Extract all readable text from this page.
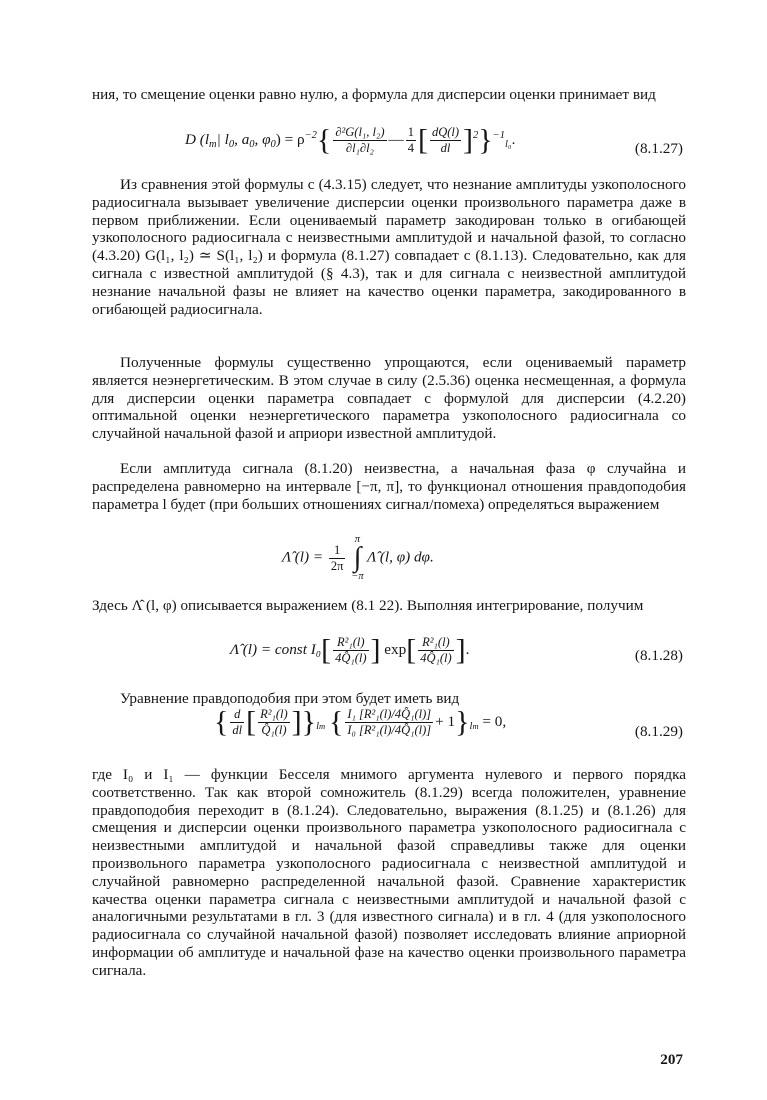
ния, то смещение оценки равно нулю, а формула для дисперсии оценки принимает вид

D ($l_m|$ $l_0$, $a_0$, $\varphi_0) = \rho^{-2}\{ \frac{\text{∂²G(l₁, l₂)}}{\text{∂l₁∂l₂}}$ — $\frac{1}{4}$ [ $\frac{dQ(l)}{dl} ]^2\}^{-1}_{l_0}$.
(8.1.27)

Из сравнения этой формулы с (4.3.15) следует, что незнание амплитуды узкополосного радиосигнала вызывает увеличение дисперсии оценки произвольного параметра даже в первом приближении. Если оцениваемый параметр закодирован только в огибающей узкополосного радиосигнала с неизвестными амплитудой и начальной фазой, то согласно (4.3.20) G(l₁, l₂) ≃ S(l₁, l₂) и формула (8.1.27) совпадает с (8.1.13). Следовательно, как для сигнала с известной амплитудой (§ 4.3), так и для сигнала с неизвестной амплитудой незнание начальной фазы не влияет на качество оценки параметра, закодированного в огибающей радиосигнала.

Полученные формулы существенно упрощаются, если оцениваемый параметр является неэнергетическим. В этом случае в силу (2.5.36) оценка несмещенная, а формула для дисперсии оценки параметра совпадает с формулой для дисперсии (4.2.20) оптимальной оценки неэнергетического параметра узкополосного радиосигнала со случайной начальной фазой и априори известной амплитудой.

Если амплитуда сигнала (8.1.20) неизвестна, а начальная фаза φ случайна и распределена равномерно на интервале [−π, π], то функционал отношения правдоподобия параметра l будет (при больших отношениях сигнал/помеха) определяться выражением

Λ̂ $(l) = \frac{1}{2\pi}$

π
∫
−π
Λ̂ (l, φ) dφ.

Здесь Λ̂ (l, φ) описывается выражением (8.1 22). Выполняя интегрирование, получим

Λ̂ (l) = const $I_0[ \frac{\text{R²₁(l)}}{\text{4Q̂₁(l)}}$ ] $\exp[ \frac{\text{R²₁(l)}}{\text{4Q̂₁(l)}}$ ].	(8.1.28)

Уравнение правдоподобия при этом будет иметь вид

{ $\frac{d}{dl}$ [ $\frac{\text{R²₁(l)}}{\text{Q̂₁(l)}} ]\}_{lm}$ { $\frac{\text{I₁ [R²₁(l)/4Q̂₁(l)]}}{\text{I₀ [R²₁(l)/4Q̂₁(l)]}} + 1\}_{lm} = 0$,
(8.1.29)

где I₀ и I₁ — функции Бесселя мнимого аргумента нулевого и первого порядка соответственно. Так как второй сомножитель (8.1.29) всегда положителен, уравнение правдоподобия переходит в (8.1.24). Следовательно, выражения (8.1.25) и (8.1.26) для смещения и дисперсии оценки произвольного параметра узкополосного радиосигнала с неизвестными амплитудой и начальной фазой справедливы также для оценки произвольного параметра узкополосного радиосигнала с неизвестной амплитудой и случайной равномерно распределенной начальной фазой. Сравнение характеристик качества оценки параметра сигнала с неизвестными амплитудой и начальной фазой с аналогичными результатами в гл. 3 (для известного сигнала) и в гл. 4 (для узкополосного радиосигнала со случайной начальной фазой) позволяет исследовать влияние априорной информации об амплитуде и начальной фазе на качество оценки произвольного параметра сигнала.

207
